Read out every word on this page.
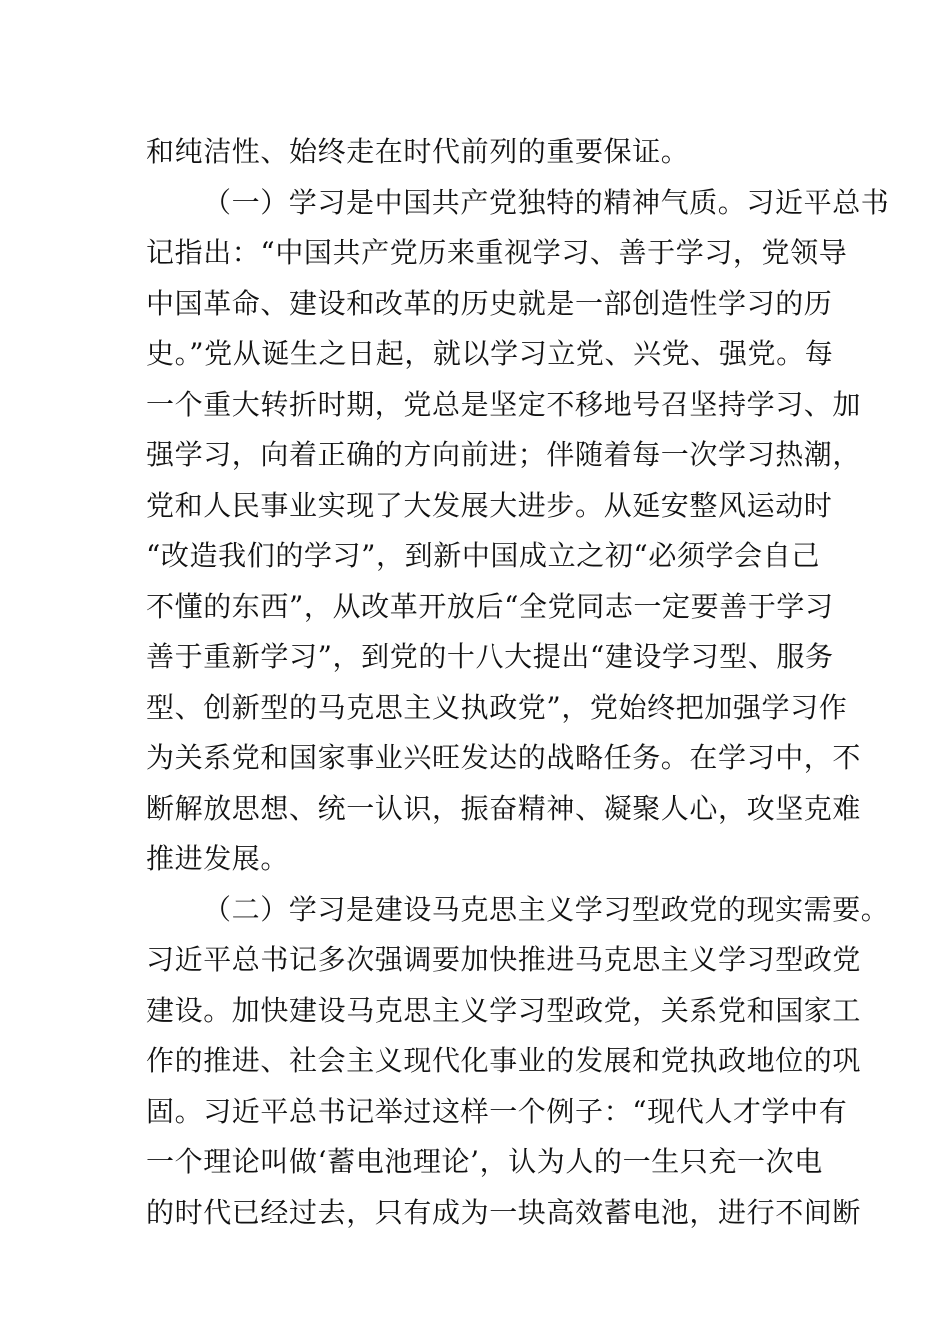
和纯洁性、始终走在时代前列的重要保证。
（一）学习是中国共产党独特的精神气质。习近平总书
记指出：“中国共产党历来重视学习、善于学习，党领导
中国革命、建设和改革的历史就是一部创造性学习的历
史。”党从诞生之日起，就以学习立党、兴党、强党。每
一个重大转折时期，党总是坚定不移地号召坚持学习、加
强学习，向着正确的方向前进；伴随着每一次学习热潮，
党和人民事业实现了大发展大进步。从延安整风运动时
“改造我们的学习”，到新中国成立之初“必须学会自己
不懂的东西”，从改革开放后“全党同志一定要善于学习
善于重新学习”，到党的十八大提出“建设学习型、服务
型、创新型的马克思主义执政党”，党始终把加强学习作
为关系党和国家事业兴旺发达的战略任务。在学习中，不
断解放思想、统一认识，振奋精神、凝聚人心，攻坚克难
推进发展。
（二）学习是建设马克思主义学习型政党的现实需要。
习近平总书记多次强调要加快推进马克思主义学习型政党
建设。加快建设马克思主义学习型政党，关系党和国家工
作的推进、社会主义现代化事业的发展和党执政地位的巩
固。习近平总书记举过这样一个例子：“现代人才学中有
一个理论叫做‘蓄电池理论’，认为人的一生只充一次电
的时代已经过去，只有成为一块高效蓄电池，进行不间断
